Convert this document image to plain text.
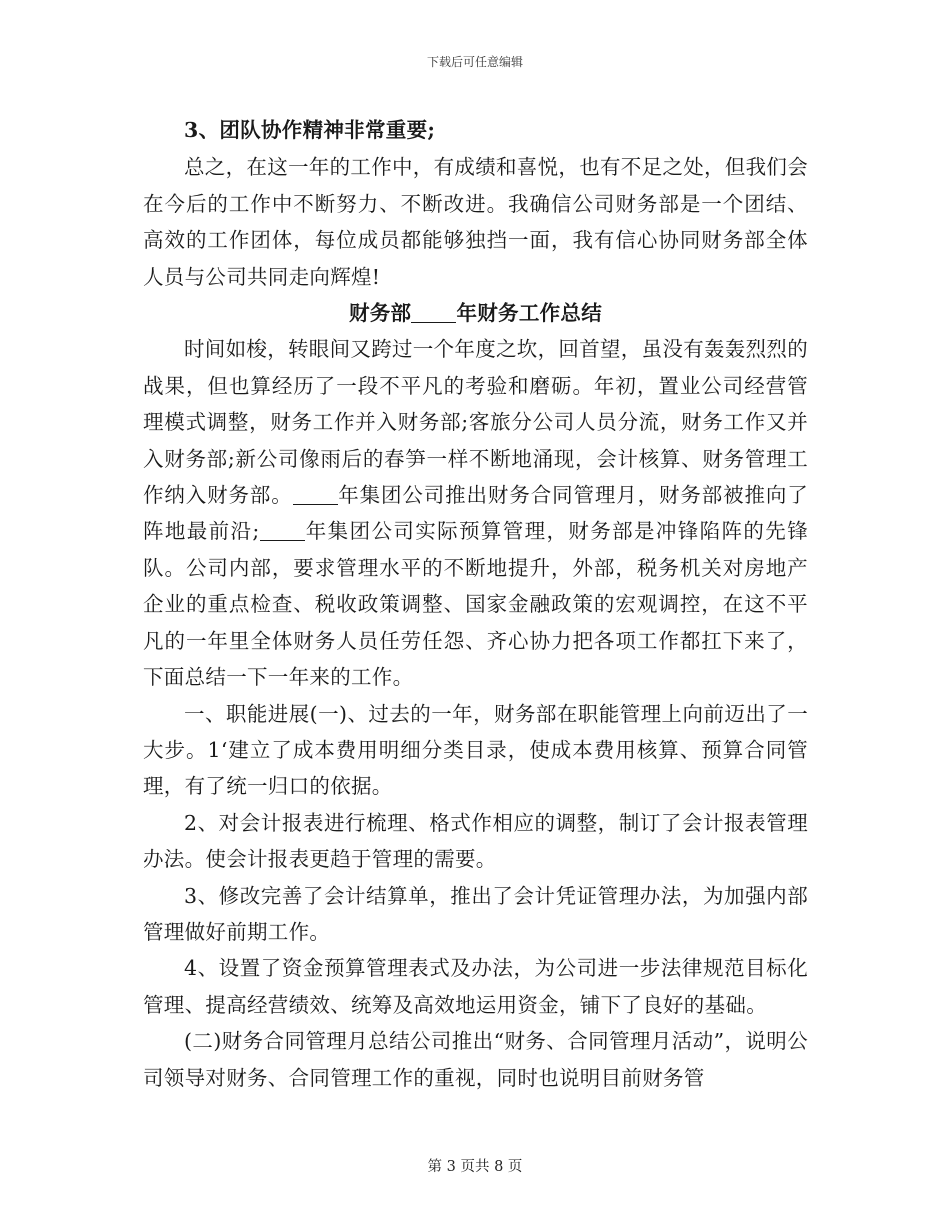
下载后可任意编辑

3、团队协作精神非常重要;

总之，在这一年的工作中，有成绩和喜悦，也有不足之处，但我们会在今后的工作中不断努力、不断改进。我确信公司财务部是一个团结、高效的工作团体，每位成员都能够独挡一面，我有信心协同财务部全体人员与公司共同走向辉煌!

财务部 年财务工作总结

时间如梭，转眼间又跨过一个年度之坎，回首望，虽没有轰轰烈烈的战果，但也算经历了一段不平凡的考验和磨砺。年初，置业公司经营管理模式调整，财务工作并入财务部;客旅分公司人员分流，财务工作又并入财务部;新公司像雨后的春笋一样不断地涌现，会计核算、财务管理工作纳入财务部。 年集团公司推出财务合同管理月，财务部被推向了阵地最前沿; 年集团公司实际预算管理，财务部是冲锋陷阵的先锋队。公司内部，要求管理水平的不断地提升，外部，税务机关对房地产企业的重点检查、税收政策调整、国家金融政策的宏观调控，在这不平凡的一年里全体财务人员任劳任怨、齐心协力把各项工作都扛下来了，下面总结一下一年来的工作。

一、职能进展(一)、过去的一年，财务部在职能管理上向前迈出了一大步。1‘建立了成本费用明细分类目录，使成本费用核算、预算合同管理，有了统一归口的依据。

2、对会计报表进行梳理、格式作相应的调整，制订了会计报表管理办法。使会计报表更趋于管理的需要。

3、修改完善了会计结算单，推出了会计凭证管理办法，为加强内部管理做好前期工作。

4、设置了资金预算管理表式及办法，为公司进一步法律规范目标化管理、提高经营绩效、统筹及高效地运用资金，铺下了良好的基础。

(二)财务合同管理月总结公司推出“财务、合同管理月活动”，说明公司领导对财务、合同管理工作的重视，同时也说明目前财务管

第 3 页共 8 页
